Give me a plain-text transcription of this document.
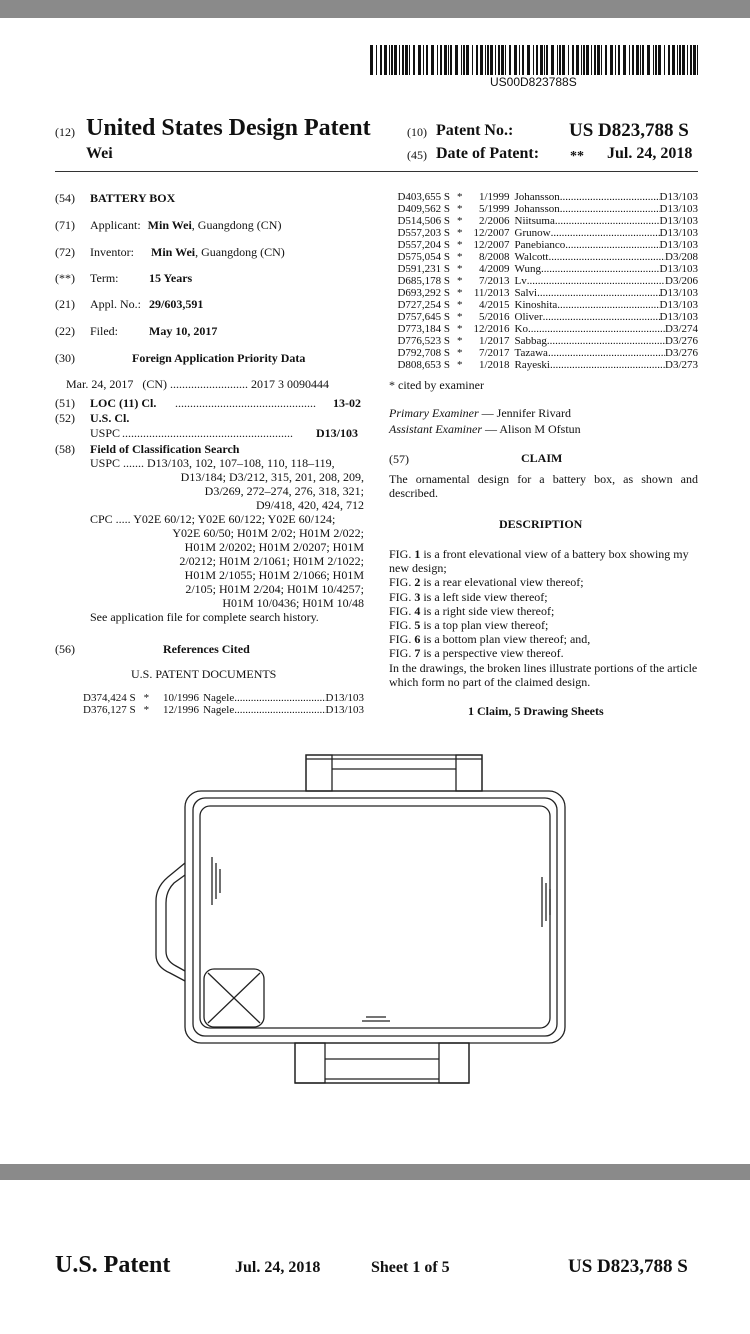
US00D823788S
(12) United States Design Patent
Wei
(10) Patent No.:	US D823,788 S
(45) Date of Patent: ** Jul. 24, 2018
(54) BATTERY BOX
(71) Applicant: Min Wei, Guangdong (CN)
(72) Inventor: Min Wei, Guangdong (CN)
(**) Term:	15 Years
(21) Appl. No.: 29/603,591
(22) Filed:	May 10, 2017
(30)	Foreign Application Priority Data
Mar. 24, 2017   (CN) .......................... 2017 3 0090444
(51) LOC (11) Cl. ...............................................	13-02
(52) U.S. Cl.
USPC .........................................................	D13/103
(58) Field of Classification Search
USPC ....... D13/103, 102, 107–108, 110, 118–119,
D13/184; D3/212, 315, 201, 208, 209,
D3/269, 272–274, 276, 318, 321;
D9/418, 420, 424, 712
CPC ..... Y02E 60/12; Y02E 60/122; Y02E 60/124;
Y02E 60/50; H01M 2/02; H01M 2/022;
H01M 2/0202; H01M 2/0207; H01M
2/0212; H01M 2/1061; H01M 2/1022;
H01M 2/1055; H01M 2/1066; H01M
2/105; H01M 2/204; H01M 10/4257;
H01M 10/0436; H01M 10/48
See application file for complete search history.
(56)	References Cited
U.S. PATENT DOCUMENTS
D374,424 S *	10/1996 Nagele .....	D13/103
D376,127 S *	12/1996 Nagele .....	D13/103
D403,655 S *	1/1999 Johansson .....	D13/103
D409,562 S *	5/1999 Johansson .....	D13/103
D514,506 S *	2/2006 Niitsuma .....	D13/103
D557,203 S * 12/2007 Grunow .....	D13/103
D557,204 S * 12/2007 Panebianco .....	D13/103
D575,054 S *	8/2008 Walcott .....	D3/208
D591,231 S *	4/2009 Wung .....	D13/103
D685,178 S *	7/2013 Lv .....	D3/206
D693,292 S *	11/2013 Salvi .....	D13/103
D727,254 S *	4/2015 Kinoshita .....	D13/103
D757,645 S *	5/2016 Oliver .....	D13/103
D773,184 S * 12/2016 Ko .....	D3/274
D776,523 S *	1/2017 Sabbag .....	D3/276
D792,708 S *	7/2017 Tazawa .....	D3/276
D808,653 S *	1/2018 Rayeski .....	D3/273
* cited by examiner
Primary Examiner — Jennifer Rivard
Assistant Examiner — Alison M Ofstun
(57)	CLAIM
The ornamental design for a battery box, as shown and described.
DESCRIPTION
FIG. 1 is a front elevational view of a battery box showing my new design;
FIG. 2 is a rear elevational view thereof;
FIG. 3 is a left side view thereof;
FIG. 4 is a right side view thereof;
FIG. 5 is a top plan view thereof;
FIG. 6 is a bottom plan view thereof; and,
FIG. 7 is a perspective view thereof.
In the drawings, the broken lines illustrate portions of the article which form no part of the claimed design.
1 Claim, 5 Drawing Sheets
U.S. Patent	Jul. 24, 2018	Sheet 1 of 5	US D823,788 S
